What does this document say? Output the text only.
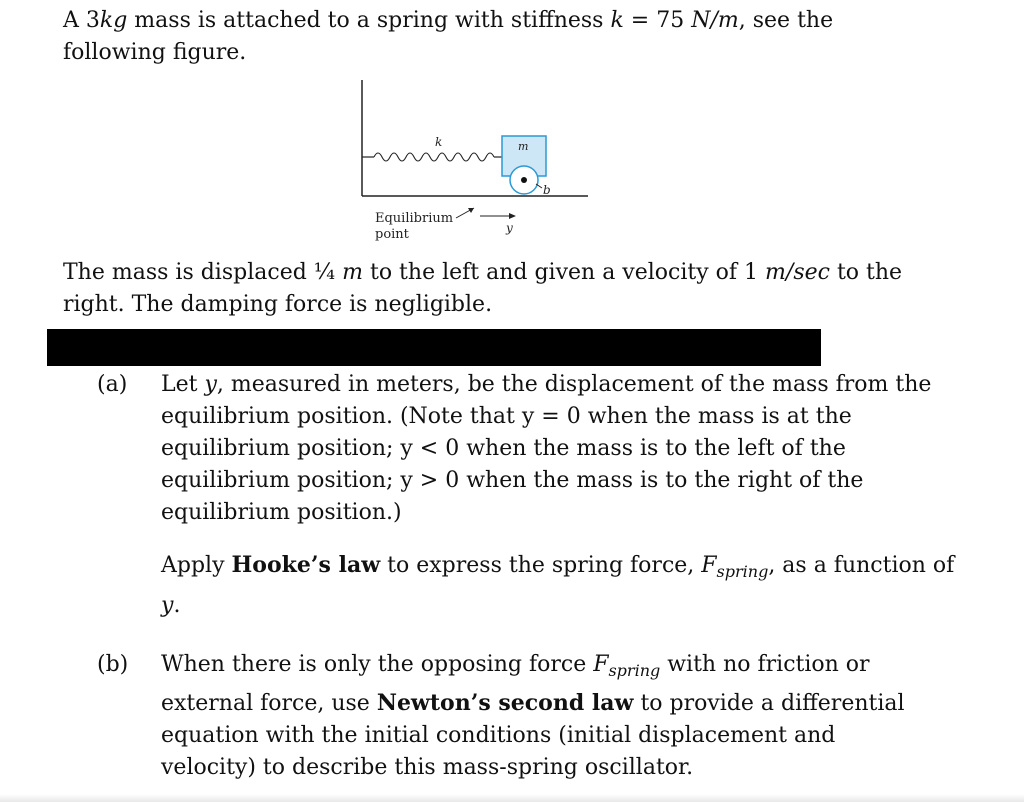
A 3kg mass is attached to a spring with stiffness k = 75 N/m, see the
following figure.
k	m
b
Equilibrium
point	y
The mass is displaced ¼ m to the left and given a velocity of 1 m/sec to the
right. The damping force is negligible.
(a) Let y, measured in meters, be the displacement of the mass from the
equilibrium position. (Note that y = 0 when the mass is at the
equilibrium position; y < 0 when the mass is to the left of the
equilibrium position; y > 0 when the mass is to the right of the
equilibrium position.)
Apply Hooke’s law to express the spring force, $F_{spring}$, as a function of
y.
(b) When there is only the opposing force $F_{spring}$ with no friction or
external force, use Newton’s second law to provide a differential
equation with the initial conditions (initial displacement and
velocity) to describe this mass-spring oscillator.
